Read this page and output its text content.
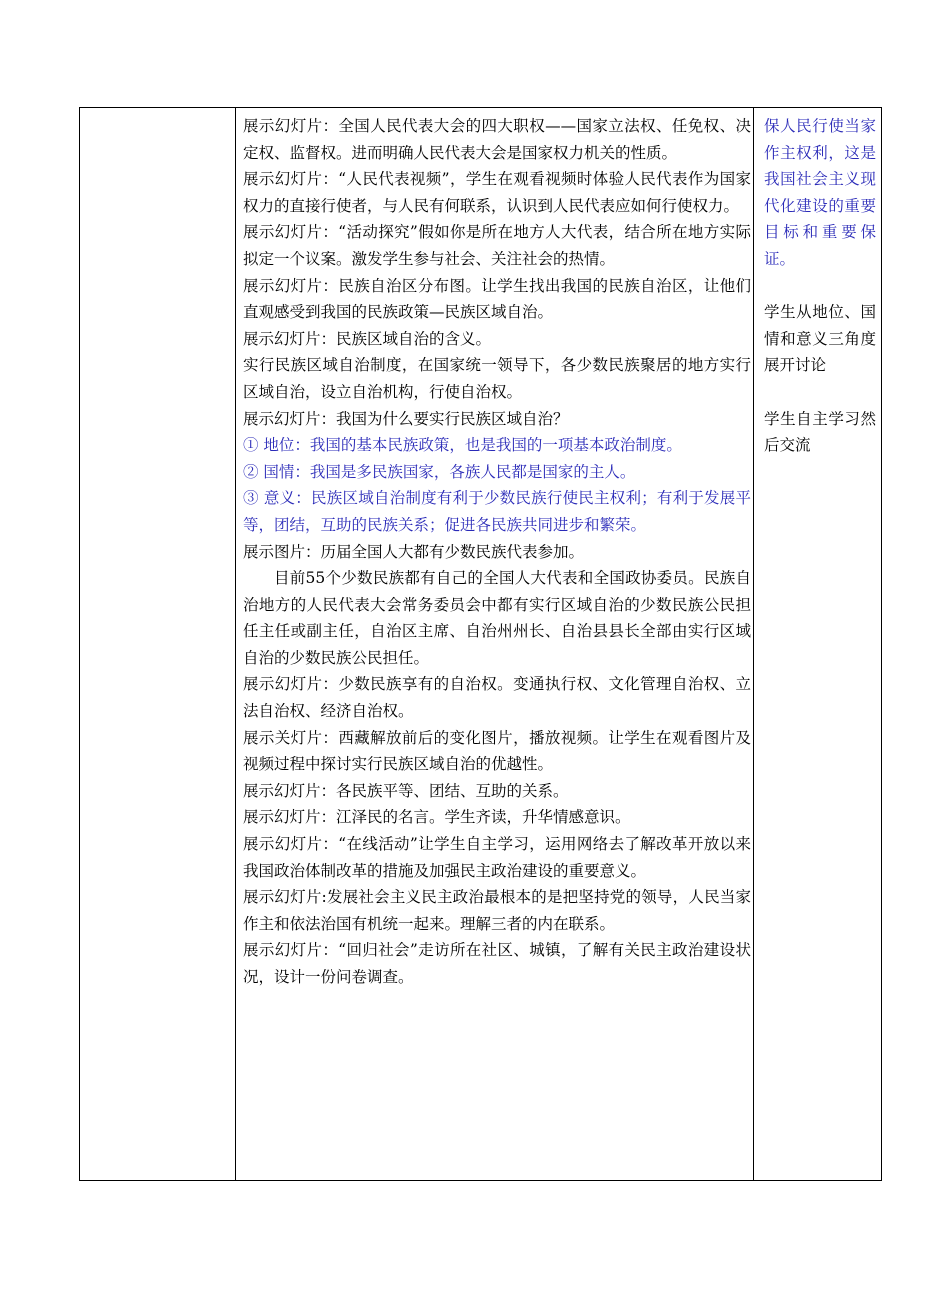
展示幻灯片：全国人民代表大会的四大职权——国家立法权、任免权、决定权、监督权。进而明确人民代表大会是国家权力机关的性质。

展示幻灯片：“人民代表视频”，学生在观看视频时体验人民代表作为国家权力的直接行使者，与人民有何联系，认识到人民代表应如何行使权力。

展示幻灯片：“活动探究”假如你是所在地方人大代表，结合所在地方实际拟定一个议案。激发学生参与社会、关注社会的热情。

展示幻灯片：民族自治区分布图。让学生找出我国的民族自治区，让他们直观感受到我国的民族政策—民族区域自治。

展示幻灯片：民族区域自治的含义。

实行民族区域自治制度，在国家统一领导下，各少数民族聚居的地方实行区域自治，设立自治机构，行使自治权。

展示幻灯片：我国为什么要实行民族区域自治？

① 地位：我国的基本民族政策，也是我国的一项基本政治制度。

② 国情：我国是多民族国家，各族人民都是国家的主人。

③ 意义：民族区域自治制度有利于少数民族行使民主权利；有利于发展平等，团结，互助的民族关系；促进各民族共同进步和繁荣。

展示图片：历届全国人大都有少数民族代表参加。

目前55个少数民族都有自己的全国人大代表和全国政协委员。民族自治地方的人民代表大会常务委员会中都有实行区域自治的少数民族公民担任主任或副主任，自治区主席、自治州州长、自治县县长全部由实行区域自治的少数民族公民担任。

展示幻灯片：少数民族享有的自治权。变通执行权、文化管理自治权、立法自治权、经济自治权。

展示关灯片：西藏解放前后的变化图片，播放视频。让学生在观看图片及视频过程中探讨实行民族区域自治的优越性。

展示幻灯片：各民族平等、团结、互助的关系。

展示幻灯片：江泽民的名言。学生齐读，升华情感意识。

展示幻灯片：“在线活动”让学生自主学习，运用网络去了解改革开放以来我国政治体制改革的措施及加强民主政治建设的重要意义。

展示幻灯片:发展社会主义民主政治最根本的是把坚持党的领导，人民当家作主和依法治国有机统一起来。理解三者的内在联系。

展示幻灯片：“回归社会”走访所在社区、城镇，了解有关民主政治建设状况，设计一份问卷调查。

保人民行使当家作主权利，这是我国社会主义现代化建设的重要目标和重要保证。

学生从地位、国情和意义三角度展开讨论

学生自主学习然后交流
